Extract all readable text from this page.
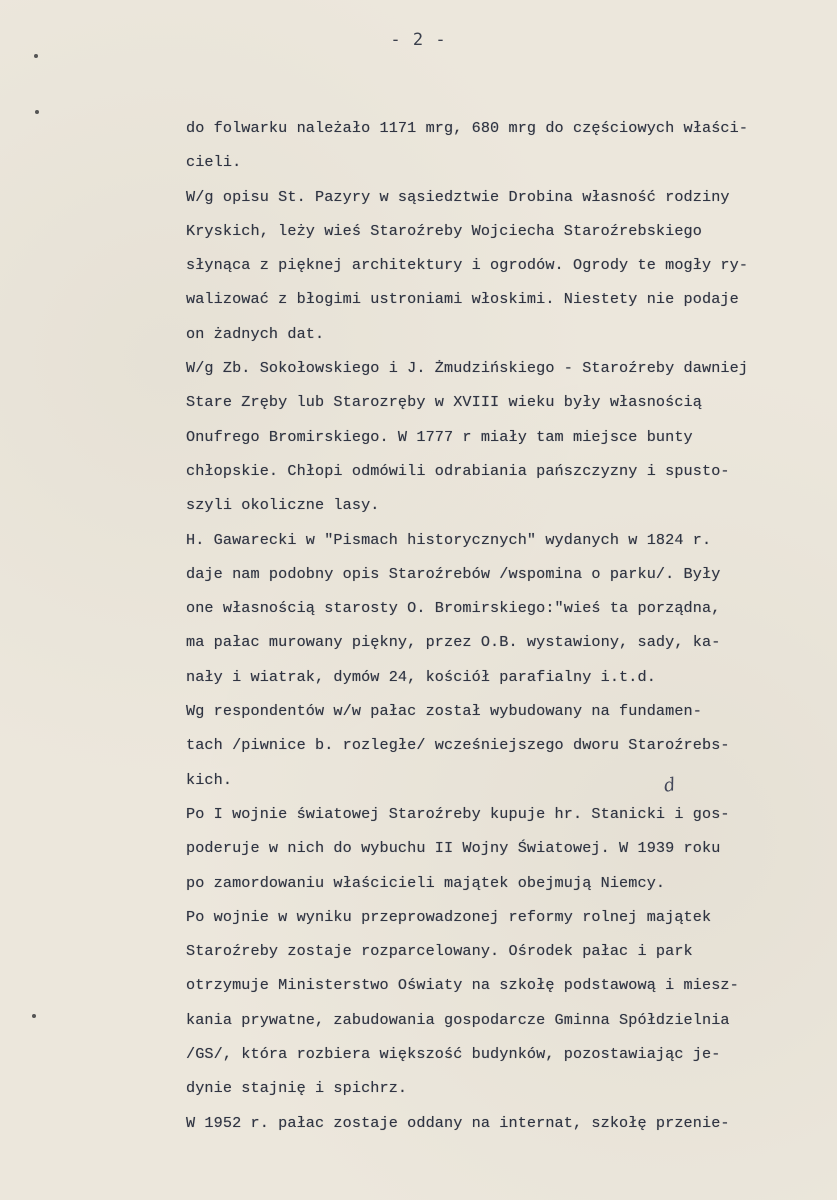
- 2 -
d
do folwarku należało 1171 mrg, 680 mrg do częściowych właści-
cieli.
W/g opisu St. Pazyry w sąsiedztwie Drobina własność rodziny
Kryskich, leży wieś Staroźreby Wojciecha Staroźrebskiego
słynąca z pięknej architektury i ogrodów. Ogrody te mogły ry-
walizować z błogimi ustroniami włoskimi. Niestety nie podaje
on żadnych dat.
W/g Zb. Sokołowskiego i J. Żmudzińskiego - Staroźreby dawniej
Stare Zręby lub Starozręby w XVIII wieku były własnością
Onufrego Bromirskiego. W 1777 r miały tam miejsce bunty
chłopskie. Chłopi odmówili odrabiania pańszczyzny i spusto-
szyli okoliczne lasy.
H. Gawarecki w "Pismach historycznych" wydanych w 1824 r.
daje nam podobny opis Staroźrebów /wspomina o parku/. Były
one własnością starosty O. Bromirskiego:"wieś ta porządna,
ma pałac murowany piękny, przez O.B. wystawiony, sady, ka-
nały i wiatrak, dymów 24, kościół parafialny i.t.d.
Wg respondentów w/w pałac został wybudowany na fundamen-
tach /piwnice b. rozległe/ wcześniejszego dworu Staroźrebs-
kich.
Po I wojnie światowej Staroźreby kupuje hr. Stanicki i gos-
poderuje w nich do wybuchu II Wojny Światowej. W 1939 roku
po zamordowaniu właścicieli majątek obejmują Niemcy.
Po wojnie w wyniku przeprowadzonej reformy rolnej majątek
Staroźreby zostaje rozparcelowany. Ośrodek pałac i park
otrzymuje Ministerstwo Oświaty na szkołę podstawową i miesz-
kania prywatne, zabudowania gospodarcze Gminna Spółdzielnia
/GS/, która rozbiera większość budynków, pozostawiając je-
dynie stajnię i spichrz.
W 1952 r. pałac zostaje oddany na internat, szkołę przenie-
